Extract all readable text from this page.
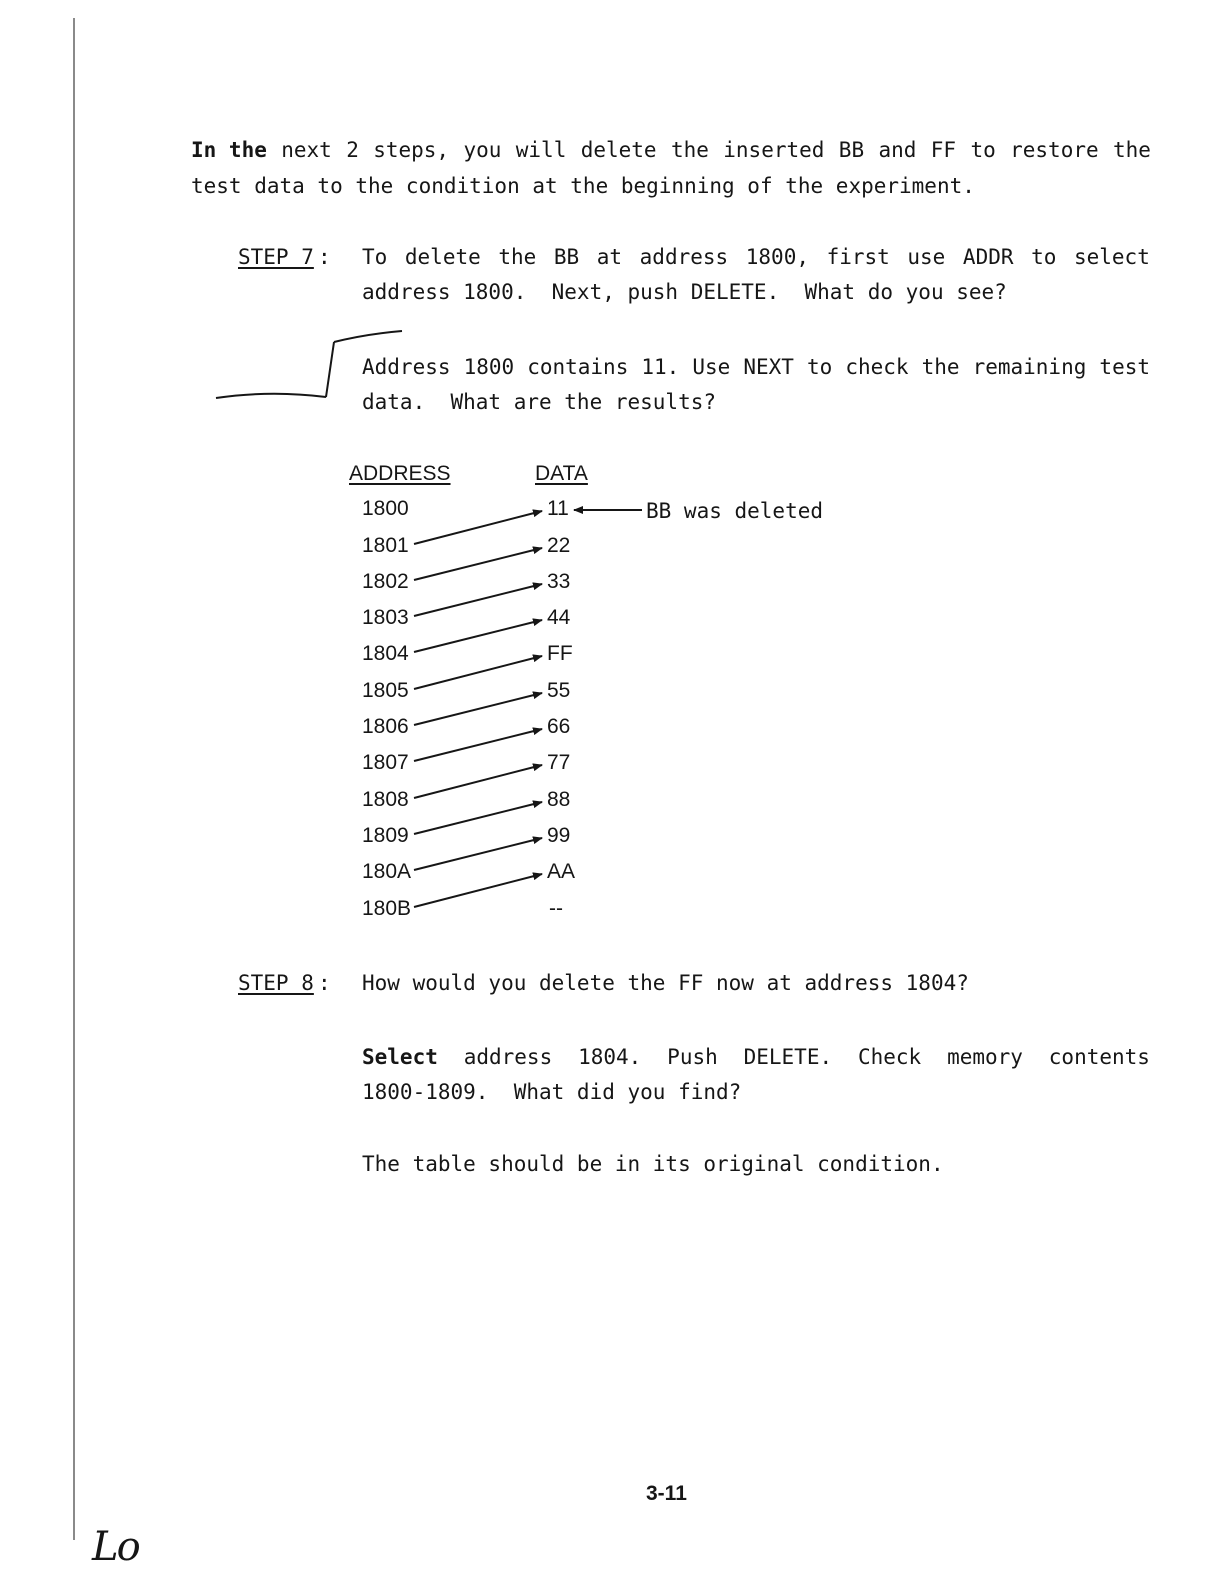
In the next 2 steps, you will delete the inserted BB and FF to restore the
test data to the condition at the beginning of the experiment.
STEP 7 : To delete the BB at address 1800, first use ADDR to select
address 1800.  Next, push DELETE.  What do you see?
Address 1800 contains 11. Use NEXT to check the remaining test
data.  What are the results?
ADDRESS	DATA
1800
1801
1802
1803
1804
1805
1806
1807
1808
1809
180A
180B
11
22
33
44
FF
55
66
77
88
99
AA
--
BB was deleted
STEP 8 : How would you delete the FF now at address 1804?
Select address 1804. Push DELETE. Check memory contents
1800-1809.  What did you find?
The table should be in its original condition.
3-11
Lo
